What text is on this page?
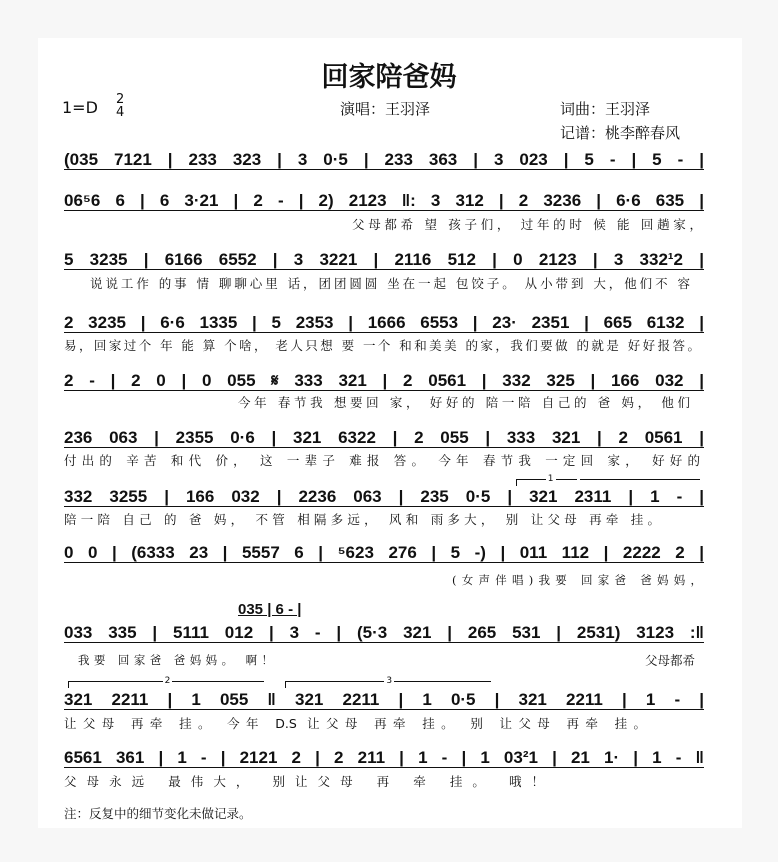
回家陪爸妈
1=D 2
4	演唱：王羽泽	词曲：王羽泽
记谱：桃李醉春风
(035 7121 | 233 323 | 3 0·5 | 233 363 | 3 023 | 5 - | 5 - |
06⁵6 6 | 6 3·21 | 2 - | 2) 2123 ‖: 3 312 | 2 3236 | 6·6 635 |
父母都希 望 孩子们， 过年的时 候 能 回趟家，
5 3235 | 6166 6552 | 3 3221 | 2116 512 | 0 2123 | 3 332¹2 |
说说工作 的事 情 聊聊心里 话，团团圆圆 坐在一起 包饺子。 从小带到 大，他们不 容
2 3235 | 6·6 1335 | 5 2353 | 1666 6553 | 23· 2351 | 665 6132 |
易，回家过个 年 能 算 个啥， 老人只想 要 一个 和和美美 的家，我们要做 的就是 好好报答。
2 - | 2 0 | 0 055 𝄋 333 321 | 2 0561 | 332 325 | 166 032 |
今年 春节我 想要回 家， 好好的 陪一陪 自己的 爸 妈， 他们
236 063 | 2355 0·6 | 321 6322 | 2 055 | 333 321 | 2 0561 |
付出的 辛苦 和代 价， 这 一辈子 难报 答。 今年 春节我 一定回 家， 好好的
1
332 3255 | 166 032 | 2236 063 | 235 0·5 | 321 2311 | 1 - |
陪一陪 自己 的 爸 妈， 不管 相隔多远， 风和 雨多大， 别 让父母 再牵 挂。
0 0 | (6333 23 | 5557 6 | ⁵623 276 | 5 -) | 011 112 | 2222 2 |
(女声伴唱)我要 回家爸 爸妈妈，
035 | 6 - |
033 335 | 5111 012 | 3 - | (5·3 321 | 265 531 | 2531) 3123 :‖
我要 回家爸 爸妈妈。 啊！	父母都希
2	3
321 2211 | 1 055 ‖ 321 2211 | 1 0·5 | 321 2211 | 1 - |
让父母 再牵 挂。 今年 D.S 让父母 再牵 挂。 别 让父母 再牵 挂。
6561 361 | 1 - | 2121 2 | 2 211 | 1 - | 1 03²1 | 21 1· | 1 - ‖
父母永远 最伟大， 别让父母 再 牵 挂。 哦！
注：反复中的细节变化未做记录。
